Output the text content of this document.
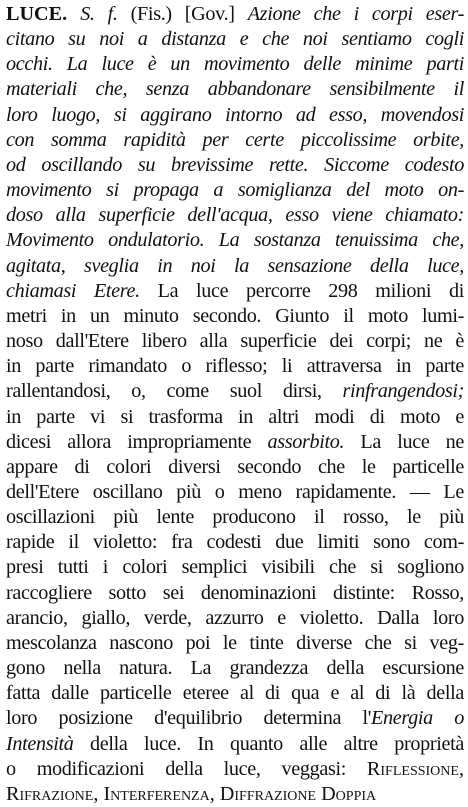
LUCE. S. f. (Fis.) [Gov.] Azione che i corpi eser-
citano su noi a distanza e che noi sentiamo cogli
occhi. La luce è un movimento delle minime parti
materiali che, senza abbandonare sensibilmente il
loro luogo, si aggirano intorno ad esso, movendosi
con somma rapidità per certe piccolissime orbite,
od oscillando su brevissime rette. Siccome codesto
movimento si propaga a somiglianza del moto on-
doso alla superficie dell'acqua, esso viene chiamato:
Movimento ondulatorio. La sostanza tenuissima che,
agitata, sveglia in noi la sensazione della luce,
chiamasi Etere. La luce percorre 298 milioni di
metri in un minuto secondo. Giunto il moto lumi-
noso dall'Etere libero alla superficie dei corpi; ne è
in parte rimandato o riflesso; li attraversa in parte
rallentandosi, o, come suol dirsi, rinfrangendosi;
in parte vi si trasforma in altri modi di moto e
dicesi allora impropriamente assorbito. La luce ne
appare di colori diversi secondo che le particelle
dell'Etere oscillano più o meno rapidamente. — Le
oscillazioni più lente producono il rosso, le più
rapide il violetto: fra codesti due limiti sono com-
presi tutti i colori semplici visibili che si sogliono
raccogliere sotto sei denominazioni distinte: Rosso,
arancio, giallo, verde, azzurro e violetto. Dalla loro
mescolanza nascono poi le tinte diverse che si veg-
gono nella natura. La grandezza della escursione
fatta dalle particelle eteree al di qua e al di là della
loro posizione d'equilibrio determina l'Energia o
Intensità della luce. In quanto alle altre proprietà
o modificazioni della luce, veggasi: Riflessione,
Rifrazione, Interferenza, Diffrazione Doppia
